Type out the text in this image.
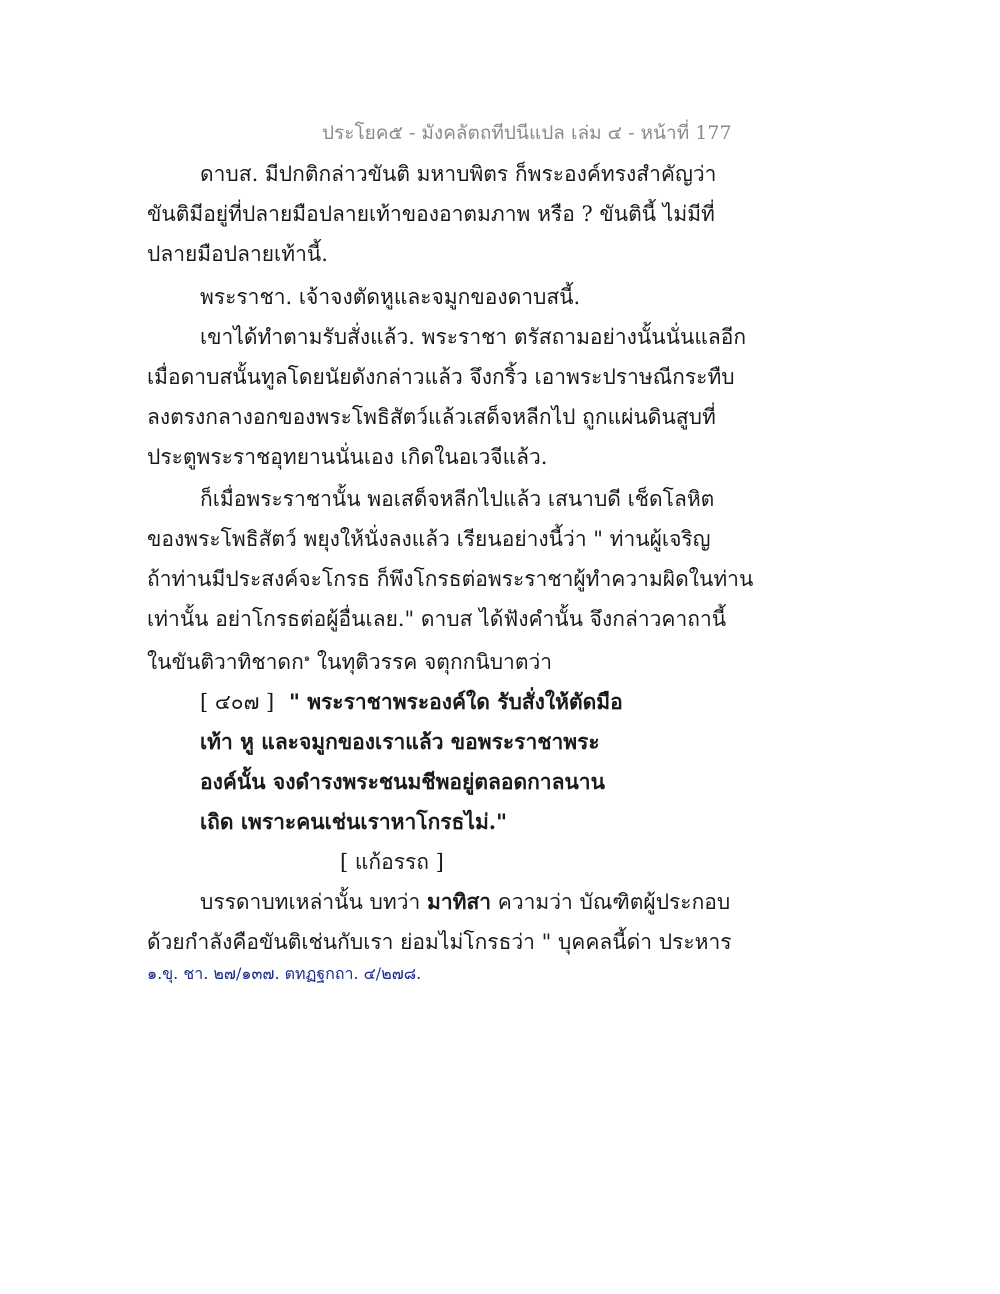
ประโยค๕ - มังคลัตถทีปนีแปล เล่ม ๔ - หน้าที่ 177
ดาบส. มีปกติกล่าวขันติ มหาบพิตร ก็พระองค์ทรงสำคัญว่า
ขันติมีอยู่ที่ปลายมือปลายเท้าของอาตมภาพ หรือ ? ขันตินี้ ไม่มีที่
ปลายมือปลายเท้านี้.
พระราชา. เจ้าจงตัดหูและจมูกของดาบสนี้.
เขาได้ทำตามรับสั่งแล้ว. พระราชา ตรัสถามอย่างนั้นนั่นแลอีก
เมื่อดาบสนั้นทูลโดยนัยดังกล่าวแล้ว จึงกริ้ว เอาพระปราษณีกระทืบ
ลงตรงกลางอกของพระโพธิสัตว์แล้วเสด็จหลีกไป ถูกแผ่นดินสูบที่
ประตูพระราชอุทยานนั่นเอง เกิดในอเวจีแล้ว.
ก็เมื่อพระราชานั้น พอเสด็จหลีกไปแล้ว เสนาบดี เช็ดโลหิต
ของพระโพธิสัตว์ พยุงให้นั่งลงแล้ว เรียนอย่างนี้ว่า " ท่านผู้เจริญ
ถ้าท่านมีประสงค์จะโกรธ ก็พึงโกรธต่อพระราชาผู้ทำความผิดในท่าน
เท่านั้น อย่าโกรธต่อผู้อื่นเลย." ดาบส ได้ฟังคำนั้น จึงกล่าวคาถานี้
ในขันติวาทิชาดก$^๑$ ในทุติวรรค จตุกกนิบาตว่า
[ ๔๐๗ ] " พระราชาพระองค์ใด รับสั่งให้ตัดมือ
เท้า หู และจมูกของเราแล้ว ขอพระราชาพระ
องค์นั้น จงดำรงพระชนมชีพอยู่ตลอดกาลนาน
เถิด เพราะคนเช่นเราหาโกรธไม่."
[ แก้อรรถ ]
บรรดาบทเหล่านั้น บทว่า มาทิสา ความว่า บัณฑิตผู้ประกอบ
ด้วยกำลังคือขันติเช่นกับเรา ย่อมไม่โกรธว่า " บุคคลนี้ด่า ประหาร
๑.ขุ. ชา. ๒๗/๑๓๗. ตทฏฐกถา. ๔/๒๗๘.
